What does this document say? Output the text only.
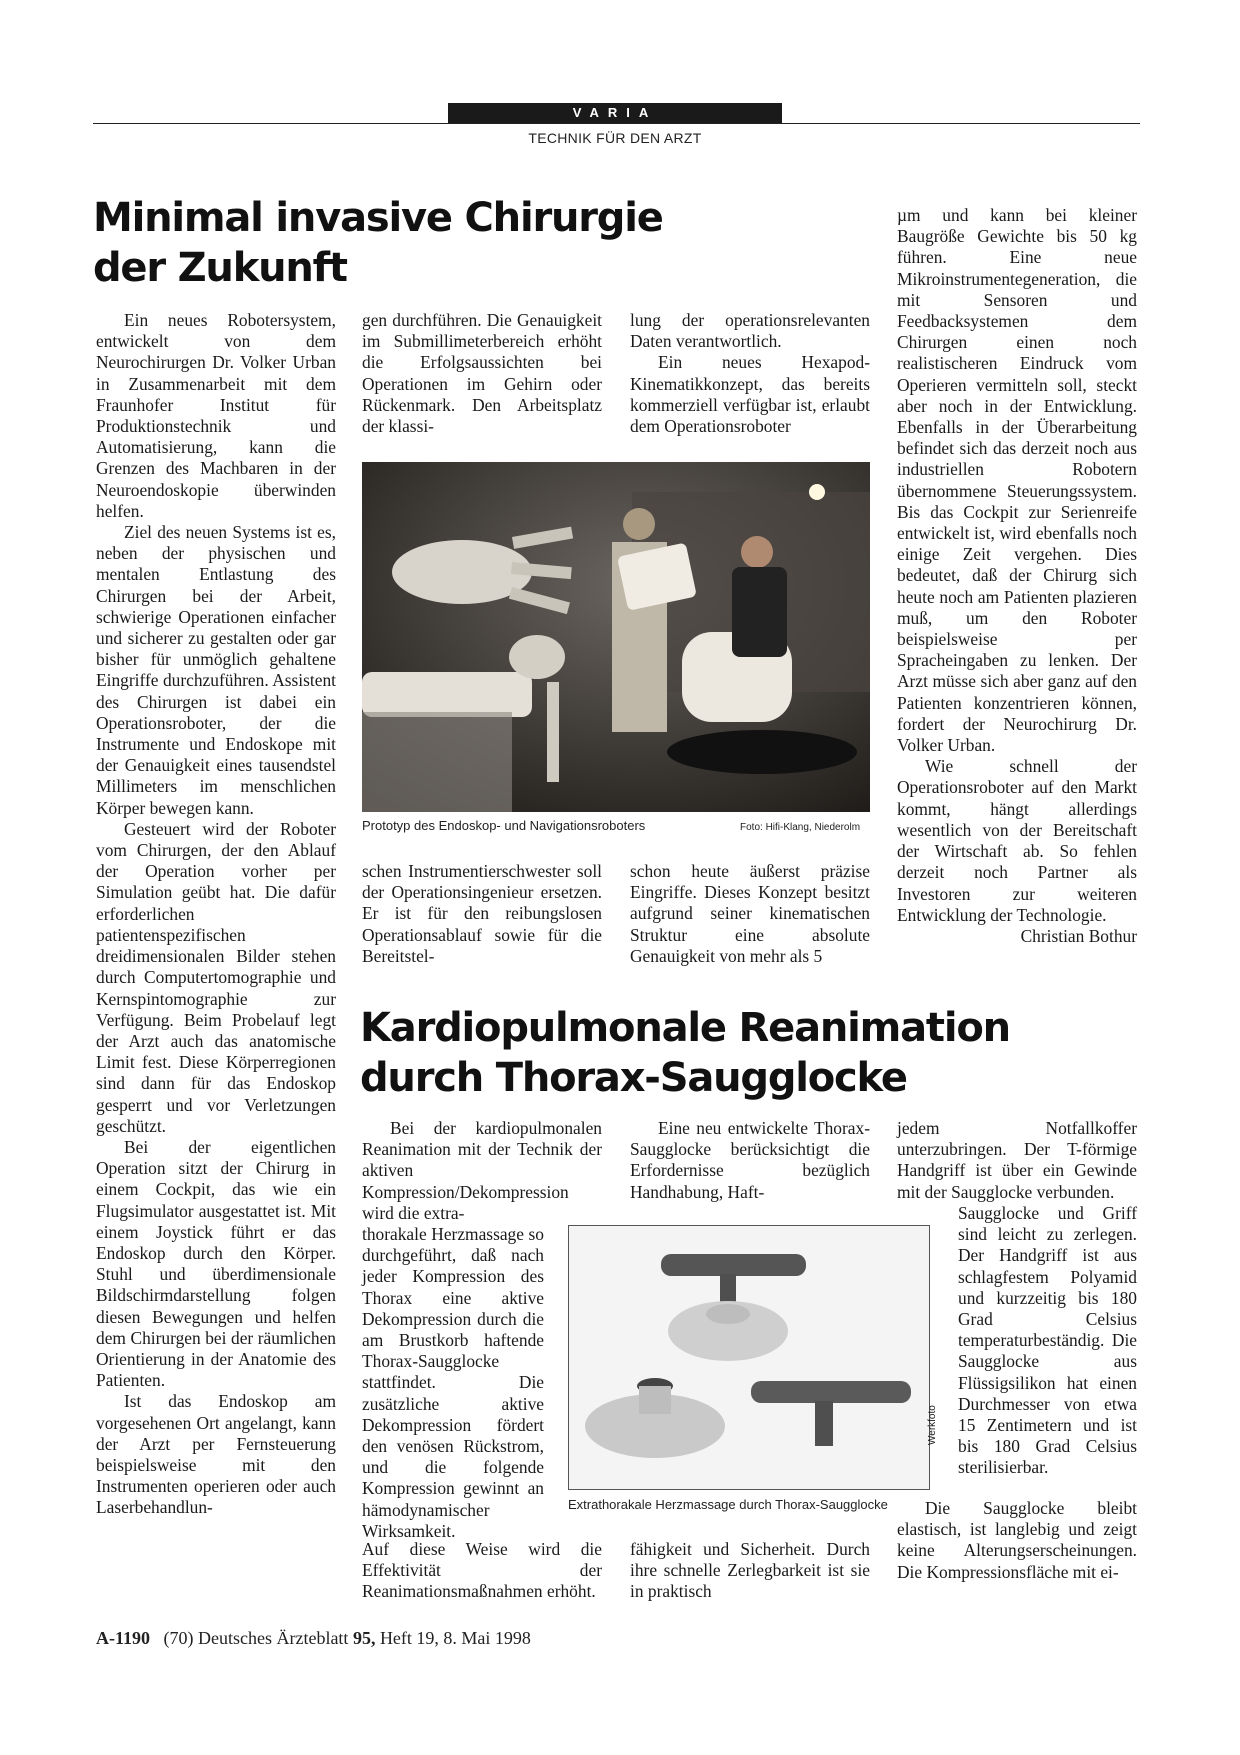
VARIA
TECHNIK FÜR DEN ARZT
Minimal invasive Chirurgie
der Zukunft

Ein neues Robotersystem, entwickelt von dem Neurochirurgen Dr. Volker Urban in Zusammenarbeit mit dem Fraunhofer Institut für Produktionstechnik und Automatisierung, kann die Grenzen des Machbaren in der Neuroendoskopie überwinden helfen.

Ziel des neuen Systems ist es, neben der physischen und mentalen Entlastung des Chirurgen bei der Arbeit, schwierige Operationen einfacher und sicherer zu gestalten oder gar bisher für unmöglich gehaltene Eingriffe durchzuführen. Assistent des Chirurgen ist dabei ein Operationsroboter, der die Instrumente und Endoskope mit der Genauigkeit eines tausendstel Millimeters im menschlichen Körper bewegen kann.

Gesteuert wird der Roboter vom Chirurgen, der den Ablauf der Operation vorher per Simulation geübt hat. Die dafür erforderlichen patientenspezifischen dreidimensionalen Bilder stehen durch Computertomographie und Kernspintomographie zur Verfügung. Beim Probelauf legt der Arzt auch das anatomische Limit fest. Diese Körperregionen sind dann für das Endoskop gesperrt und vor Verletzungen geschützt.

Bei der eigentlichen Operation sitzt der Chirurg in einem Cockpit, das wie ein Flugsimulator ausgestattet ist. Mit einem Joystick führt er das Endoskop durch den Körper. Stuhl und überdimensionale Bildschirmdarstellung folgen diesen Bewegungen und helfen dem Chirurgen bei der räumlichen Orientierung in der Anatomie des Patienten.

Ist das Endoskop am vorgesehenen Ort angelangt, kann der Arzt per Fernsteuerung beispielsweise mit den Instrumenten operieren oder auch Laserbehandlun-

gen durchführen. Die Genauigkeit im Submillimeterbereich erhöht die Erfolgsaussichten bei Operationen im Gehirn oder Rückenmark. Den Arbeitsplatz der klassi-

lung der operationsrelevanten Daten verantwortlich.

Ein neues Hexapod-Kinematikkonzept, das bereits kommerziell verfügbar ist, erlaubt dem Operationsroboter

Prototyp des Endoskop- und Navigationsroboters	Foto: Hifi-Klang, Niederolm

schen Instrumentierschwester soll der Operationsingenieur ersetzen. Er ist für den reibungslosen Operationsablauf sowie für die Bereitstel-

schon heute äußerst präzise Eingriffe. Dieses Konzept besitzt aufgrund seiner kinematischen Struktur eine absolute Genauigkeit von mehr als 5

µm und kann bei kleiner Baugröße Gewichte bis 50 kg führen. Eine neue Mikroinstrumentegeneration, die mit Sensoren und Feedbacksystemen dem Chirurgen einen noch realistischeren Eindruck vom Operieren vermitteln soll, steckt aber noch in der Entwicklung. Ebenfalls in der Überarbeitung befindet sich das derzeit noch aus industriellen Robotern übernommene Steuerungssystem. Bis das Cockpit zur Serienreife entwickelt ist, wird ebenfalls noch einige Zeit vergehen. Dies bedeutet, daß der Chirurg sich heute noch am Patienten plazieren muß, um den Roboter beispielsweise per Spracheingaben zu lenken. Der Arzt müsse sich aber ganz auf den Patienten konzentrieren können, fordert der Neurochirurg Dr. Volker Urban.

Wie schnell der Operationsroboter auf den Markt kommt, hängt allerdings wesentlich von der Bereitschaft der Wirtschaft ab. So fehlen derzeit noch Partner als Investoren zur weiteren Entwicklung der Technologie.

Christian Bothur

Kardiopulmonale Reanimation
durch Thorax-Saugglocke

Bei der kardiopulmonalen Reanimation mit der Technik der aktiven Kompression/Dekompression wird die extra-

thorakale Herzmassage so durchgeführt, daß nach jeder Kompression des Thorax eine aktive Dekompression durch die am Brustkorb haftende Thorax-Saugglocke stattfindet. Die zusätzliche aktive Dekompression fördert den venösen Rückstrom, und die folgende Kompression gewinnt an hämodynamischer Wirksamkeit.

Auf diese Weise wird die Effektivität der Reanimationsmaßnahmen erhöht.

Eine neu entwickelte Thorax-Saugglocke berücksichtigt die Erfordernisse bezüglich Handhabung, Haft-

fähigkeit und Sicherheit. Durch ihre schnelle Zerlegbarkeit ist sie in praktisch

jedem Notfallkoffer unterzubringen. Der T-förmige Handgriff ist über ein Gewinde mit der Saugglocke verbunden.

Saugglocke und Griff sind leicht zu zerlegen. Der Handgriff ist aus schlagfestem Polyamid und kurzzeitig bis 180 Grad Celsius temperaturbeständig. Die Saugglocke aus Flüssigsilikon hat einen Durchmesser von etwa 15 Zentimetern und ist bis 180 Grad Celsius sterilisierbar.

Die Saugglocke bleibt elastisch, ist langlebig und zeigt keine Alterungserscheinungen. Die Kompressionsfläche mit ei-

Werkfoto
Extrathorakale Herzmassage durch Thorax-Saugglocke
A-1190 (70) Deutsches Ärzteblatt 95, Heft 19, 8. Mai 1998
